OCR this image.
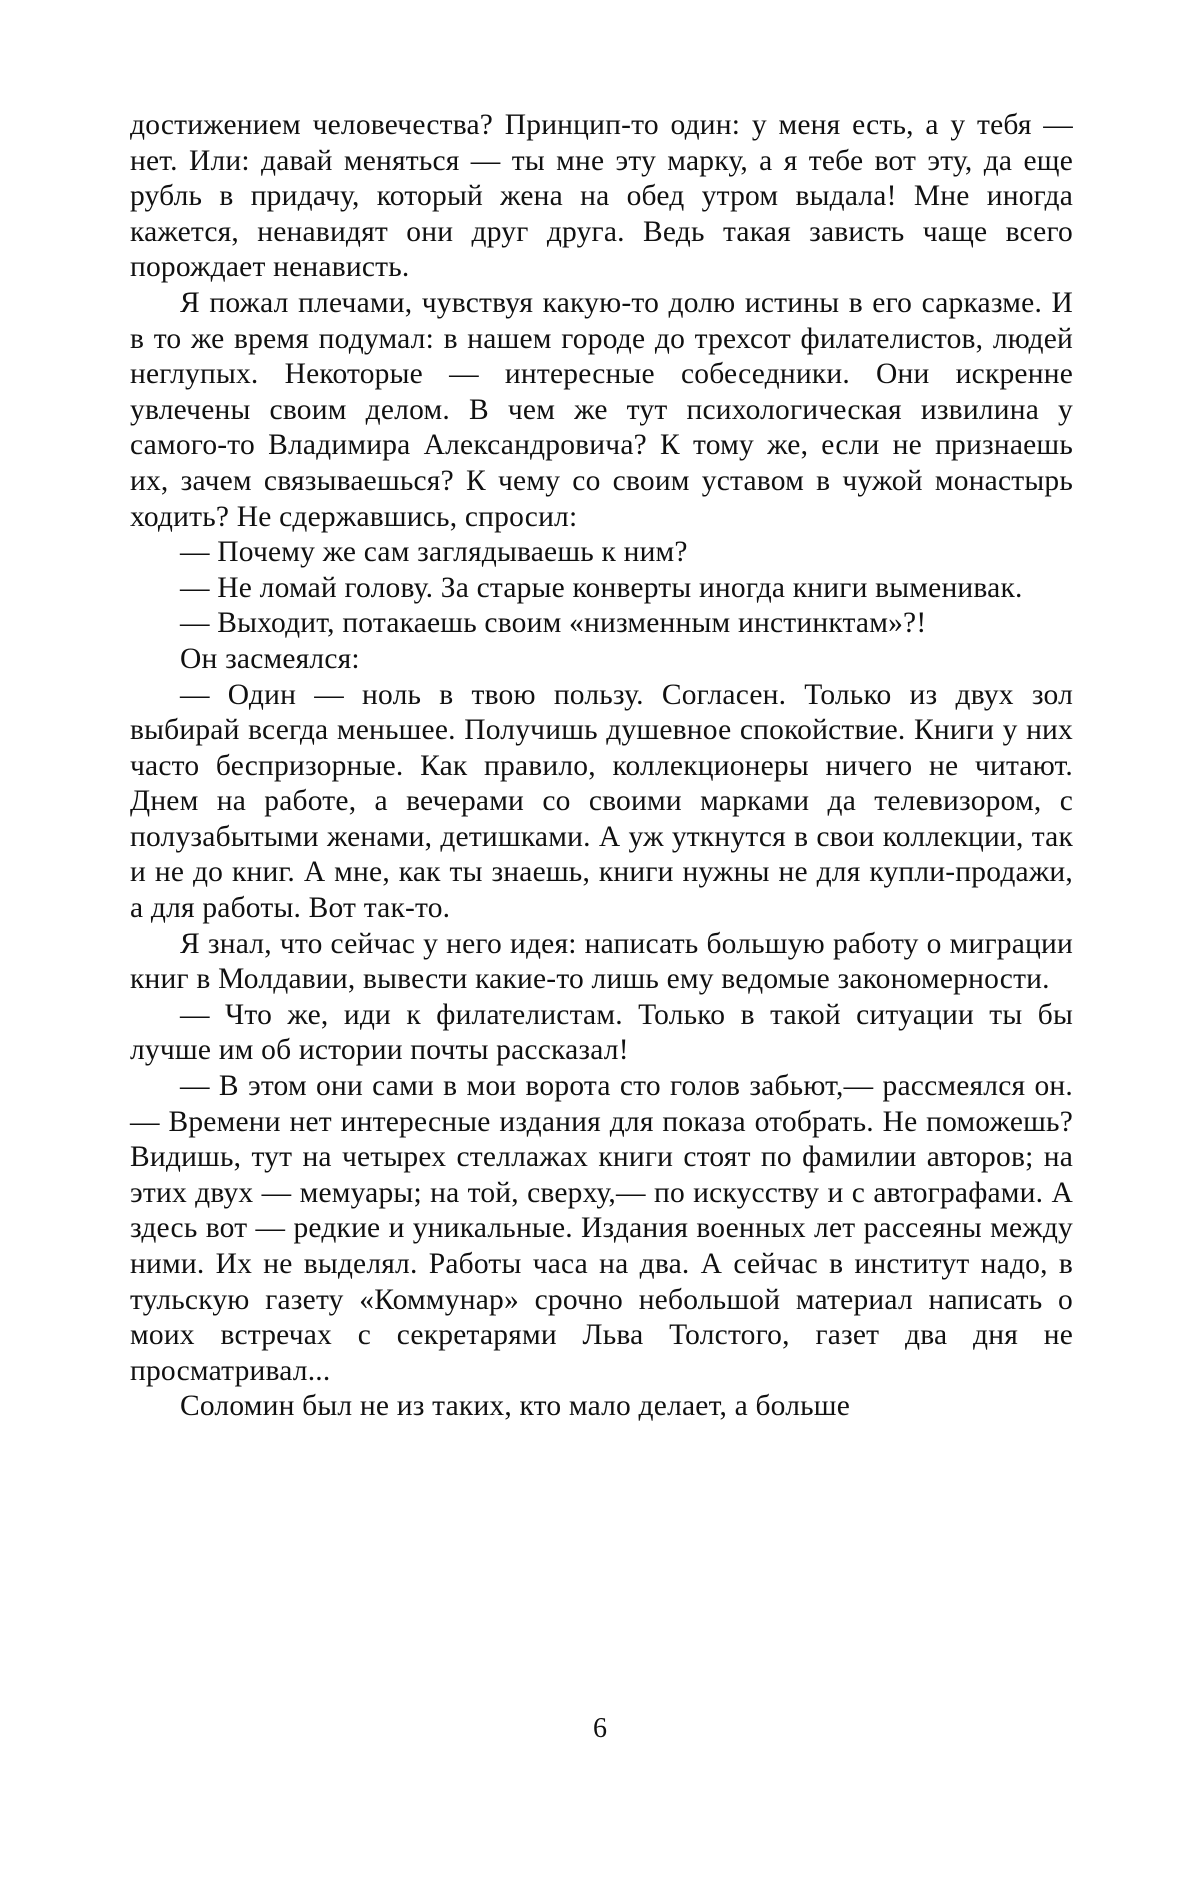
достижением человечества? Принцип-то один: у меня есть, а у тебя — нет. Или: давай меняться — ты мне эту марку, а я тебе вот эту, да еще рубль в придачу, который жена на обед утром выдала! Мне иногда кажется, ненавидят они друг друга. Ведь такая зависть чаще всего порождает ненависть.

Я пожал плечами, чувствуя какую-то долю истины в его сарказме. И в то же время подумал: в нашем городе до трехсот филателистов, людей неглупых. Некоторые — интересные собеседники. Они искренне увлечены своим делом. В чем же тут психологическая извилина у самого-то Владимира Александровича? К тому же, если не признаешь их, зачем связываешься? К чему со своим уставом в чужой монастырь ходить? Не сдержавшись, спросил:

— Почему же сам заглядываешь к ним?

— Не ломай голову. За старые конверты иногда книги выменивак.

— Выходит, потакаешь своим «низменным инстинктам»?!

Он засмеялся:

— Один — ноль в твою пользу. Согласен. Только из двух зол выбирай всегда меньшее. Получишь душевное спокойствие. Книги у них часто беспризорные. Как правило, коллекционеры ничего не читают. Днем на работе, а вечерами со своими марками да телевизором, с полузабытыми женами, детишками. А уж уткнутся в свои коллекции, так и не до книг. А мне, как ты знаешь, книги нужны не для купли-продажи, а для работы. Вот так-то.

Я знал, что сейчас у него идея: написать большую работу о миграции книг в Молдавии, вывести какие-то лишь ему ведомые закономерности.

— Что же, иди к филателистам. Только в такой ситуации ты бы лучше им об истории почты рассказал!

— В этом они сами в мои ворота сто голов забьют,— рассмеялся он.— Времени нет интересные издания для показа отобрать. Не поможешь? Видишь, тут на четырех стеллажах книги стоят по фамилии авторов; на этих двух — мемуары; на той, сверху,— по искусству и с автографами. А здесь вот — редкие и уникальные. Издания военных лет рассеяны между ними. Их не выделял. Работы часа на два. А сейчас в институт надо, в тульскую газету «Коммунар» срочно небольшой материал написать о моих встречах с секретарями Льва Толстого, газет два дня не просматривал...

Соломин был не из таких, кто мало делает, а больше

6
